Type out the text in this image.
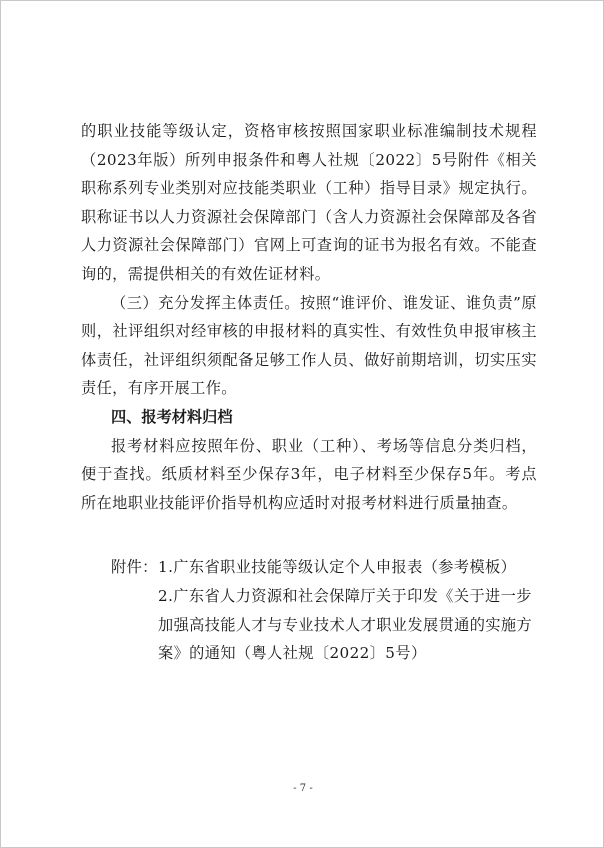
的职业技能等级认定，资格审核按照国家职业标准编制技术规程（2023年版）所列申报条件和粤人社规〔2022〕5号附件《相关职称系列专业类别对应技能类职业（工种）指导目录》规定执行。职称证书以人力资源社会保障部门（含人力资源社会保障部及各省人力资源社会保障部门）官网上可查询的证书为报名有效。不能查询的，需提供相关的有效佐证材料。

（三）充分发挥主体责任。按照“谁评价、谁发证、谁负责”原则，社评组织对经审核的申报材料的真实性、有效性负申报审核主体责任，社评组织须配备足够工作人员、做好前期培训，切实压实责任，有序开展工作。

四、报考材料归档

报考材料应按照年份、职业（工种）、考场等信息分类归档，便于查找。纸质材料至少保存3年，电子材料至少保存5年。考点所在地职业技能评价指导机构应适时对报考材料进行质量抽查。

附件： 1.广东省职业技能等级认定个人申报表（参考模板）

2.广东省人力资源和社会保障厅关于印发《关于进一步加强高技能人才与专业技术人才职业发展贯通的实施方案》的通知（粤人社规〔2022〕5号）

- 7 -
